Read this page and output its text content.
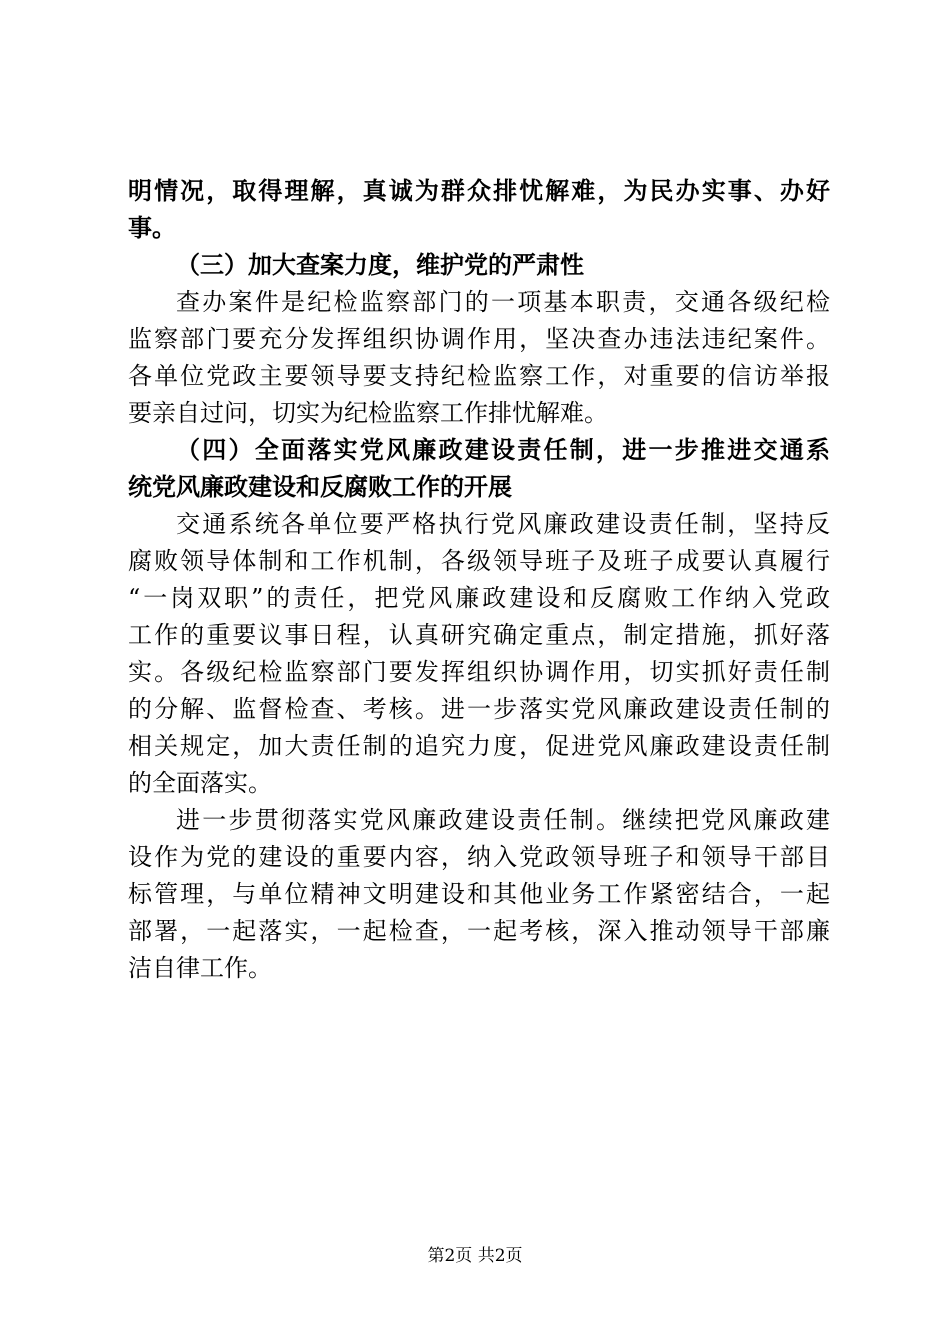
明情况，取得理解，真诚为群众排忧解难，为民办实事、办好
事。
（三）加大查案力度，维护党的严肃性
查办案件是纪检监察部门的一项基本职责，交通各级纪检
监察部门要充分发挥组织协调作用，坚决查办违法违纪案件。
各单位党政主要领导要支持纪检监察工作，对重要的信访举报
要亲自过问，切实为纪检监察工作排忧解难。
（四）全面落实党风廉政建设责任制，进一步推进交通系
统党风廉政建设和反腐败工作的开展
交通系统各单位要严格执行党风廉政建设责任制，坚持反
腐败领导体制和工作机制，各级领导班子及班子成要认真履行
“一岗双职”的责任，把党风廉政建设和反腐败工作纳入党政
工作的重要议事日程，认真研究确定重点，制定措施，抓好落
实。各级纪检监察部门要发挥组织协调作用，切实抓好责任制
的分解、监督检查、考核。进一步落实党风廉政建设责任制的
相关规定，加大责任制的追究力度，促进党风廉政建设责任制
的全面落实。
进一步贯彻落实党风廉政建设责任制。继续把党风廉政建
设作为党的建设的重要内容，纳入党政领导班子和领导干部目
标管理，与单位精神文明建设和其他业务工作紧密结合，一起
部署，一起落实，一起检查，一起考核，深入推动领导干部廉
洁自律工作。
第2页 共2页
